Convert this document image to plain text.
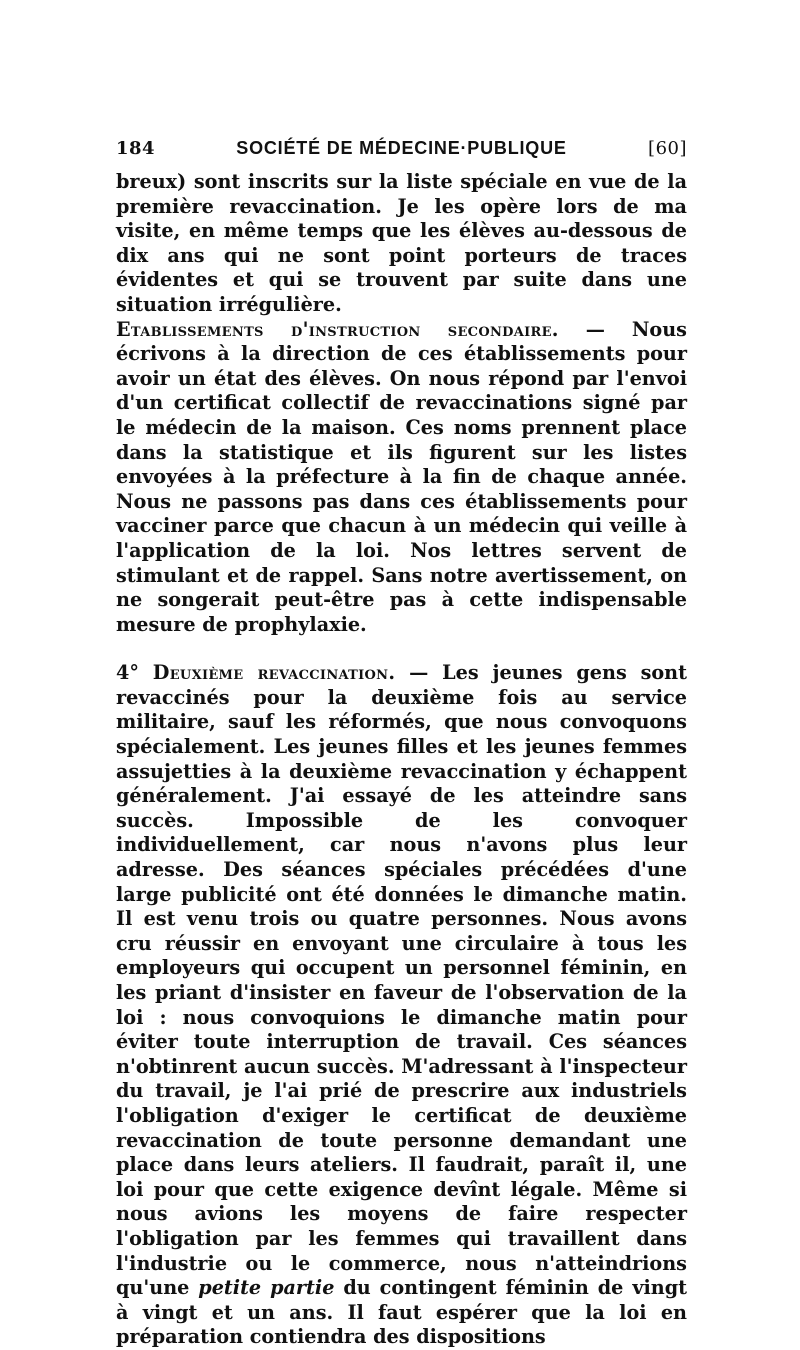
184	SOCIÉTÉ DE MÉDECINE·PUBLIQUE	[60]

breux) sont inscrits sur la liste spéciale en vue de la première revaccination. Je les opère lors de ma visite, en même temps que les élèves au-dessous de dix ans qui ne sont point porteurs de traces évidentes et qui se trouvent par suite dans une situation irrégulière.

Etablissements d'instruction secondaire. — Nous écrivons à la direction de ces établissements pour avoir un état des élèves. On nous répond par l'envoi d'un certificat collectif de revaccinations signé par le médecin de la maison. Ces noms prennent place dans la statistique et ils figurent sur les listes envoyées à la préfecture à la fin de chaque année. Nous ne passons pas dans ces établissements pour vacciner parce que chacun à un médecin qui veille à l'application de la loi. Nos lettres servent de stimulant et de rappel. Sans notre avertissement, on ne songerait peut-être pas à cette indispensable mesure de prophylaxie.

4° Deuxième revaccination. — Les jeunes gens sont revaccinés pour la deuxième fois au service militaire, sauf les réformés, que nous convoquons spécialement. Les jeunes filles et les jeunes femmes assujetties à la deuxième revaccination y échappent généralement. J'ai essayé de les atteindre sans succès. Impossible de les convoquer individuellement, car nous n'avons plus leur adresse. Des séances spéciales précédées d'une large publicité ont été données le dimanche matin. Il est venu trois ou quatre personnes. Nous avons cru réussir en envoyant une circulaire à tous les employeurs qui occupent un personnel féminin, en les priant d'insister en faveur de l'observation de la loi : nous convoquions le dimanche matin pour éviter toute interruption de travail. Ces séances n'obtinrent aucun succès. M'adressant à l'inspecteur du travail, je l'ai prié de prescrire aux industriels l'obligation d'exiger le certificat de deuxième revaccination de toute personne demandant une place dans leurs ateliers. Il faudrait, paraît il, une loi pour que cette exigence devînt légale. Même si nous avions les moyens de faire respecter l'obligation par les femmes qui travaillent dans l'industrie ou le commerce, nous n'atteindrions qu'une petite partie du contingent féminin de vingt à vingt et un ans. Il faut espérer que la loi en préparation contiendra des dispositions
